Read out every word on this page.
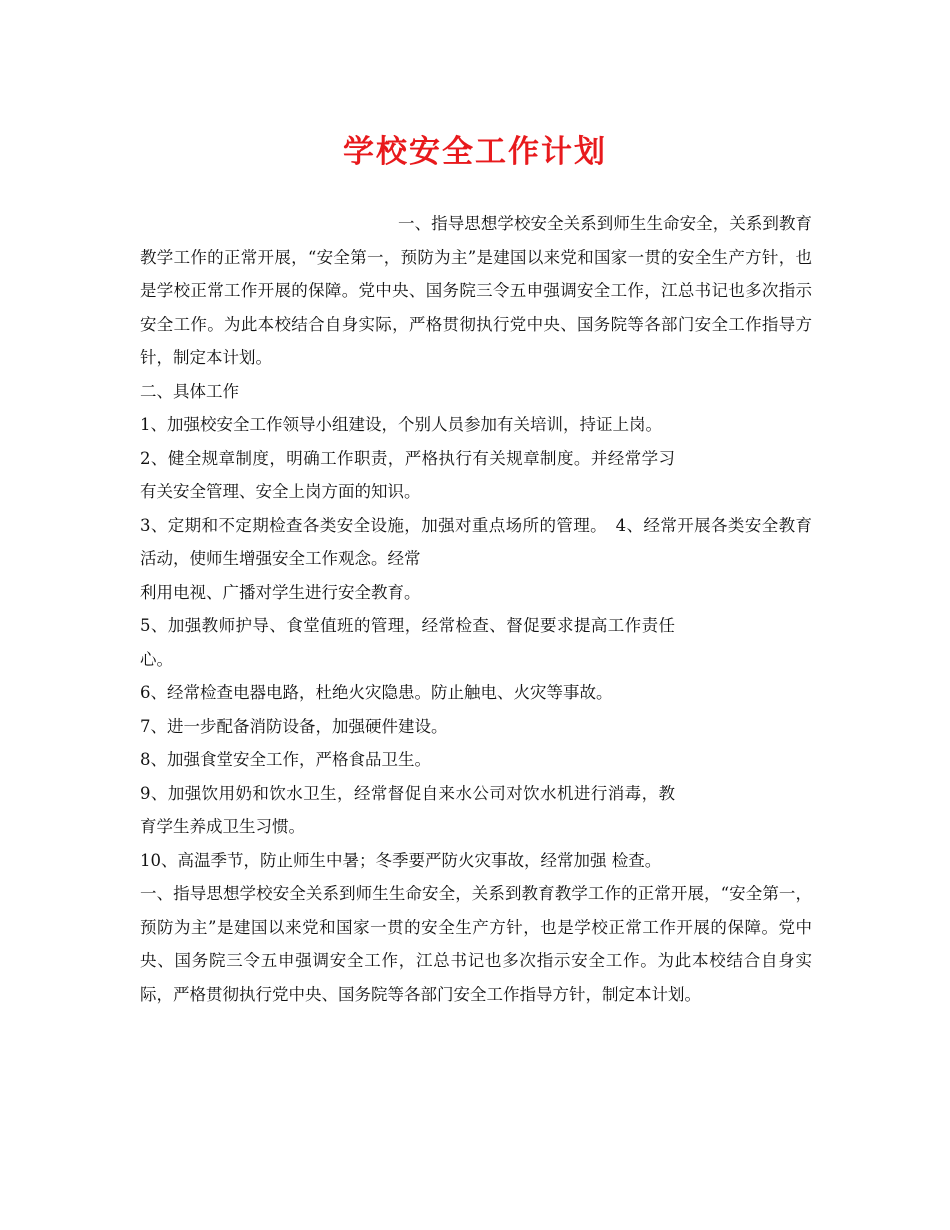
学校安全工作计划

一、指导思想学校安全关系到师生生命安全，关系到教育教学工作的正常开展，“安全第一，预防为主”是建国以来党和国家一贯的安全生产方针，也是学校正常工作开展的保障。党中央、国务院三令五申强调安全工作，江总书记也多次指示安全工作。为此本校结合自身实际，严格贯彻执行党中央、国务院等各部门安全工作指导方针，制定本计划。

二、具体工作

1、加强校安全工作领导小组建设，个别人员参加有关培训，持证上岗。

2、健全规章制度，明确工作职责，严格执行有关规章制度。并经常学习有关安全管理、安全上岗方面的知识。

3、定期和不定期检查各类安全设施，加强对重点场所的管理。　4、经常开展各类安全教育活动，使师生增强安全工作观念。经常

利用电视、广播对学生进行安全教育。

5、加强教师护导、食堂值班的管理，经常检查、督促要求提高工作责任心。

6、经常检查电器电路，杜绝火灾隐患。防止触电、火灾等事故。

7、进一步配备消防设备，加强硬件建设。

8、加强食堂安全工作，严格食品卫生。

9、加强饮用奶和饮水卫生，经常督促自来水公司对饮水机进行消毒，教育学生养成卫生习惯。

10、高温季节，防止师生中暑；冬季要严防火灾事故，经常加强 检查。

一、指导思想学校安全关系到师生生命安全，关系到教育教学工作的正常开展，“安全第一，预防为主”是建国以来党和国家一贯的安全生产方针，也是学校正常工作开展的保障。党中央、国务院三令五申强调安全工作，江总书记也多次指示安全工作。为此本校结合自身实际，严格贯彻执行党中央、国务院等各部门安全工作指导方针，制定本计划。
